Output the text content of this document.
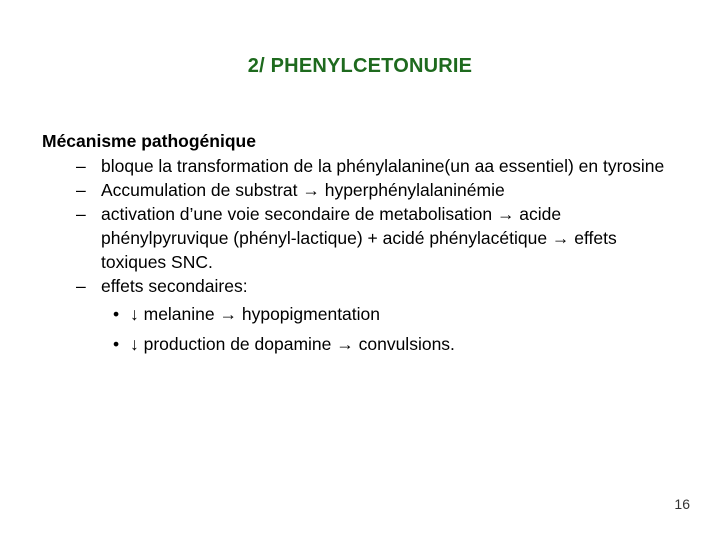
2/ PHENYLCETONURIE

Mécanisme pathogénique

– bloque la transformation de la phénylalanine(un aa essentiel) en tyrosine
– Accumulation de substrat → hyperphénylalaninémie
– activation d’une voie secondaire de metabolisation → acide phénylpyruvique (phényl-lactique) + acidé phénylacétique → effets toxiques SNC.
– effets secondaires:
• ↓ melanine → hypopigmentation
• ↓ production de dopamine → convulsions.
16
